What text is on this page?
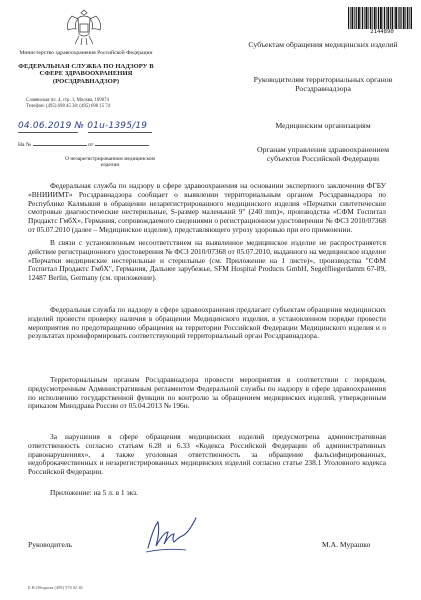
Министерство здравоохранения Российской Федерации
ФЕДЕРАЛЬНАЯ СЛУЖБА ПО НАДЗОРУ В СФЕРЕ ЗДРАВООХРАНЕНИЯ (РОСЗДРАВНАДЗОР)
Славянская пл. 4, стр. 1, Москва, 109074
Телефон: (495) 698 45 38; (495) 698 15 74
04.06.2019 № 01u-1395/19
На №	от
О незарегистрированном медицинском изделии
2144890
Субъектам обращения медицинских изделий
Руководителям территориальных органов Росздравнадзора
Медицинским организациям
Органам управления здравоохранением субъектов Российской Федерации

Федеральная служба по надзору в сфере здравоохранения на основании экспертного заключения ФГБУ «ВНИИИМТ» Росздравнадзора сообщает о выявлении территориальным органом Росздравнадзора по Республике Калмыкия в обращении незарегистрированного медицинского изделия «Перчатки синтетические смотровые диагностические нестерильные, S-размер маленький 9" (240 mm)», производства «СФМ Госпитал Продактс ГмбХ», Германия, сопровождаемого сведениями о регистрационном удостоверении № ФСЗ 2010/07368 от 05.07.2010 (далее – Медицинское изделие), представляющего угрозу здоровью при его применении.

В связи с установленным несоответствием на выявленное медицинское изделие не распространяется действие регистрационного удостоверения № ФСЗ 2010/07368 от 05.07.2010, выданного на медицинское изделие «Перчатки медицинские нестерильные и стерильные (см. Приложение на 1 листе)», производства "СФМ Госпитал Продактс ГмбХ", Германия, Дальнее зарубежье, SFM Hospital Products GmbH, Segelfliegerdamm 67-89, 12487 Berlin, Germany (см. приложение).

Федеральная служба по надзору в сфере здравоохранения предлагает субъектам обращения медицинских изделий провести проверку наличия в обращении Медицинского изделия, в установленном порядке провести мероприятия по предотвращению обращения на территории Российской Федерации Медицинского изделия и о результатах проинформировать соответствующий территориальный орган Росздравнадзора.

Территориальным органам Росздравнадзора провести мероприятия в соответствии с порядком, предусмотренным Административным регламентом Федеральной службы по надзору в сфере здравоохранения по исполнению государственной функции по контролю за обращением медицинских изделий, утвержденным приказом Минздрава России от 05.04.2013 № 196н.

За нарушения в сфере обращения медицинских изделий предусмотрена административная ответственность согласно статьям 6.28 и 6.33 «Кодекса Российской Федерации об административных правонарушениях», а также уголовная ответственность за обращение фальсифицированных, недоброкачественных и незарегистрированных медицинских изделий согласно статье 238.1 Уголовного кодекса Российской Федерации.

Приложение: на 5 л. в 1 экз.

Руководитель	М.А. Мурашко
Е.В.Обедкова (499) 578 02 38
